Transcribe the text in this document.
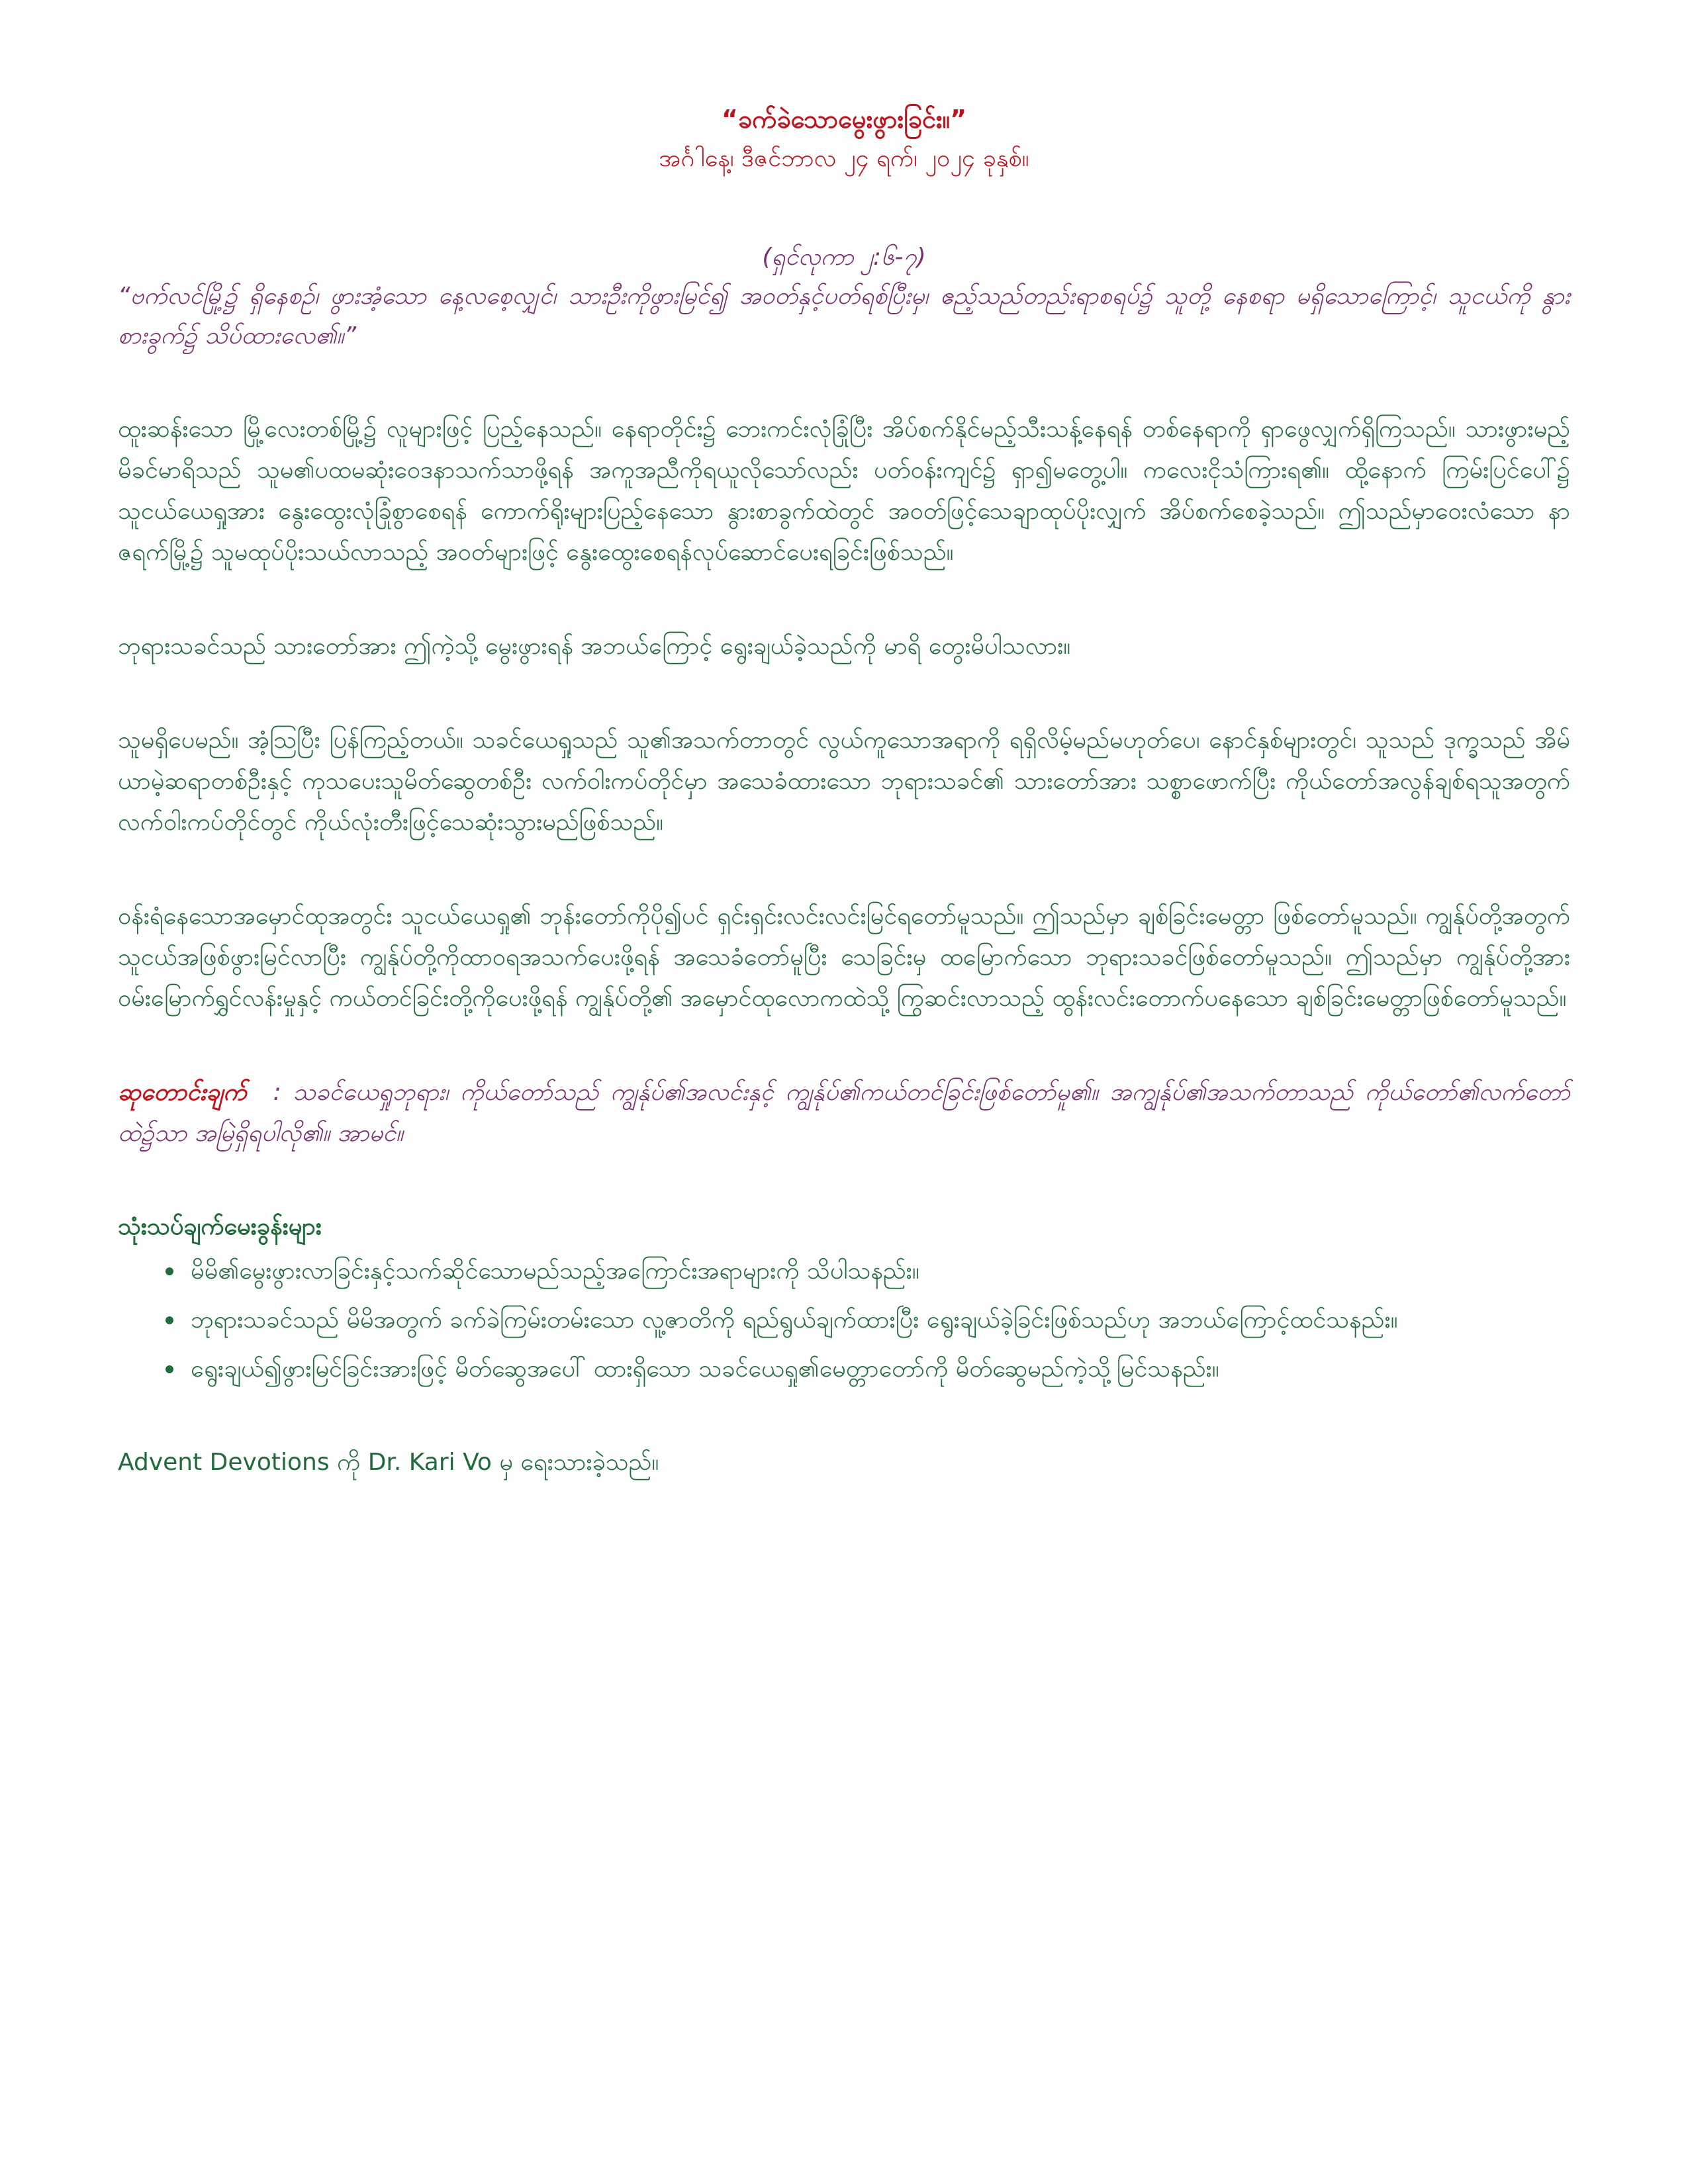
“ခက်ခဲသောမွေးဖွားခြင်း။”

အင်္ဂါနေ့၊ ဒီဇင်ဘာလ ၂၄ ရက်၊ ၂၀၂၄ ခုနှစ်။

(ရှင်လုကာ ၂:၆-၇)

“ဗက်လင်မြို့၌ ရှိနေစဉ်၊ ဖွားအံ့သော နေ့လစေ့လျှင်၊ သားဦးကိုဖွားမြင်၍ အဝတ်နှင့်ပတ်ရစ်ပြီးမှ၊ ဧည့်သည်တည်းရာစရပ်၌ သူတို့ နေစရာ မရှိသောကြောင့်၊ သူငယ်ကို နွားစားခွက်၌ သိပ်ထားလေ၏။”

ထူးဆန်းသော မြို့လေးတစ်မြို့၌ လူများဖြင့် ပြည့်နေသည်။ နေရာတိုင်း၌ ဘေးကင်းလုံခြုံပြီး အိပ်စက်နိုင်မည့်သီးသန့်နေရန် တစ်နေရာကို ရှာဖွေလျှက်ရှိကြသည်။ သားဖွားမည့်မိခင်မာရိသည် သူမ၏ပထမဆုံးဝေဒနာသက်သာဖို့ရန် အကူအညီကိုရယူလိုသော်လည်း ပတ်ဝန်းကျင်၌ ရှာ၍မတွေ့ပါ။ ကလေးငိုသံကြားရ၏။ ထို့နောက် ကြမ်းပြင်ပေါ်၌ သူငယ်ယေရှုအား နွေးထွေးလုံခြုံစွာစေရန် ကောက်ရိုးများပြည့်နေသော နွားစာခွက်ထဲတွင် အဝတ်ဖြင့်သေချာထုပ်ပိုးလျှက် အိပ်စက်စေခဲ့သည်။ ဤသည်မှာဝေးလံသော နာဇရက်မြို့၌ သူမထုပ်ပိုးသယ်လာသည့် အဝတ်များဖြင့် နွေးထွေးစေရန်လုပ်ဆောင်ပေးရခြင်းဖြစ်သည်။

ဘုရားသခင်သည် သားတော်အား ဤကဲ့သို့ မွေးဖွားရန် အဘယ်ကြောင့် ရွေးချယ်ခဲ့သည်ကို မာရိ တွေးမိပါသလား။

သူမရှိပေမည်။ အံ့သြပြီး ပြန်ကြည့်တယ်။ သခင်ယေရှုသည် သူ၏အသက်တာတွင် လွယ်ကူသောအရာကို ရရှိလိမ့်မည်မဟုတ်ပေ၊ နောင်နှစ်များတွင်၊ သူသည် ဒုက္ခသည် အိမ်ယာမဲ့ဆရာတစ်ဦးနှင့် ကုသပေးသူမိတ်ဆွေတစ်ဦး လက်ဝါးကပ်တိုင်မှာ အသေခံထားသော ဘုရားသခင်၏ သားတော်အား သစ္စာဖောက်ပြီး ကိုယ်တော်အလွန်ချစ်ရသူအတွက် လက်ဝါးကပ်တိုင်တွင် ကိုယ်လုံးတီးဖြင့်သေဆုံးသွားမည်ဖြစ်သည်။

ဝန်းရံနေသောအမှောင်ထုအတွင်း သူငယ်ယေရှု၏ ဘုန်းတော်ကိုပို၍ပင် ရှင်းရှင်းလင်းလင်းမြင်ရတော်မူသည်။ ဤသည်မှာ ချစ်ခြင်းမေတ္တာ ဖြစ်တော်မူသည်။ ကျွန်ုပ်တို့အတွက် သူငယ်အဖြစ်ဖွားမြင်လာပြီး ကျွန်ုပ်တို့ကိုထာဝရအသက်ပေးဖို့ရန် အသေခံတော်မူပြီး သေခြင်းမှ ထမြောက်သော ဘုရားသခင်ဖြစ်တော်မူသည်။ ဤသည်မှာ ကျွန်ုပ်တို့အား ဝမ်းမြောက်ရွှင်လန်းမှုနှင့် ကယ်တင်ခြင်းတို့ကိုပေးဖို့ရန် ကျွန်ုပ်တို့၏ အမှောင်ထုလောကထဲသို့ ကြွဆင်းလာသည့် ထွန်းလင်းတောက်ပနေသော ချစ်ခြင်းမေတ္တာဖြစ်တော်မူသည်။

ဆုတောင်းချက် : သခင်ယေရှုဘုရား၊ ကိုယ်တော်သည် ကျွန်ုပ်၏အလင်းနှင့် ကျွန်ုပ်၏ကယ်တင်ခြင်းဖြစ်တော်မူ၏။ အကျွန်ုပ်၏အသက်တာသည် ကိုယ်တော်၏လက်တော်ထဲ၌သာ အမြဲရှိရပါလို၏။ အာမင်။

သုံးသပ်ချက်မေးခွန်းများ

မိမိ၏မွေးဖွားလာခြင်းနှင့်သက်ဆိုင်သောမည်သည့်အကြောင်းအရာများကို သိပါသနည်း။
ဘုရားသခင်သည် မိမိအတွက် ခက်ခဲကြမ်းတမ်းသော လူ့ဇာတိကို ရည်ရွယ်ချက်ထားပြီး ရွေးချယ်ခဲ့ခြင်းဖြစ်သည်ဟု အဘယ်ကြောင့်ထင်သနည်း။
ရွေးချယ်၍ဖွားမြင်ခြင်းအားဖြင့် မိတ်ဆွေအပေါ် ထားရှိသော သခင်ယေရှု၏မေတ္တာတော်ကို မိတ်ဆွေမည်ကဲ့သို့မြင်သနည်း။

Advent Devotions ကို Dr. Kari Vo မှ ရေးသားခဲ့သည်။
